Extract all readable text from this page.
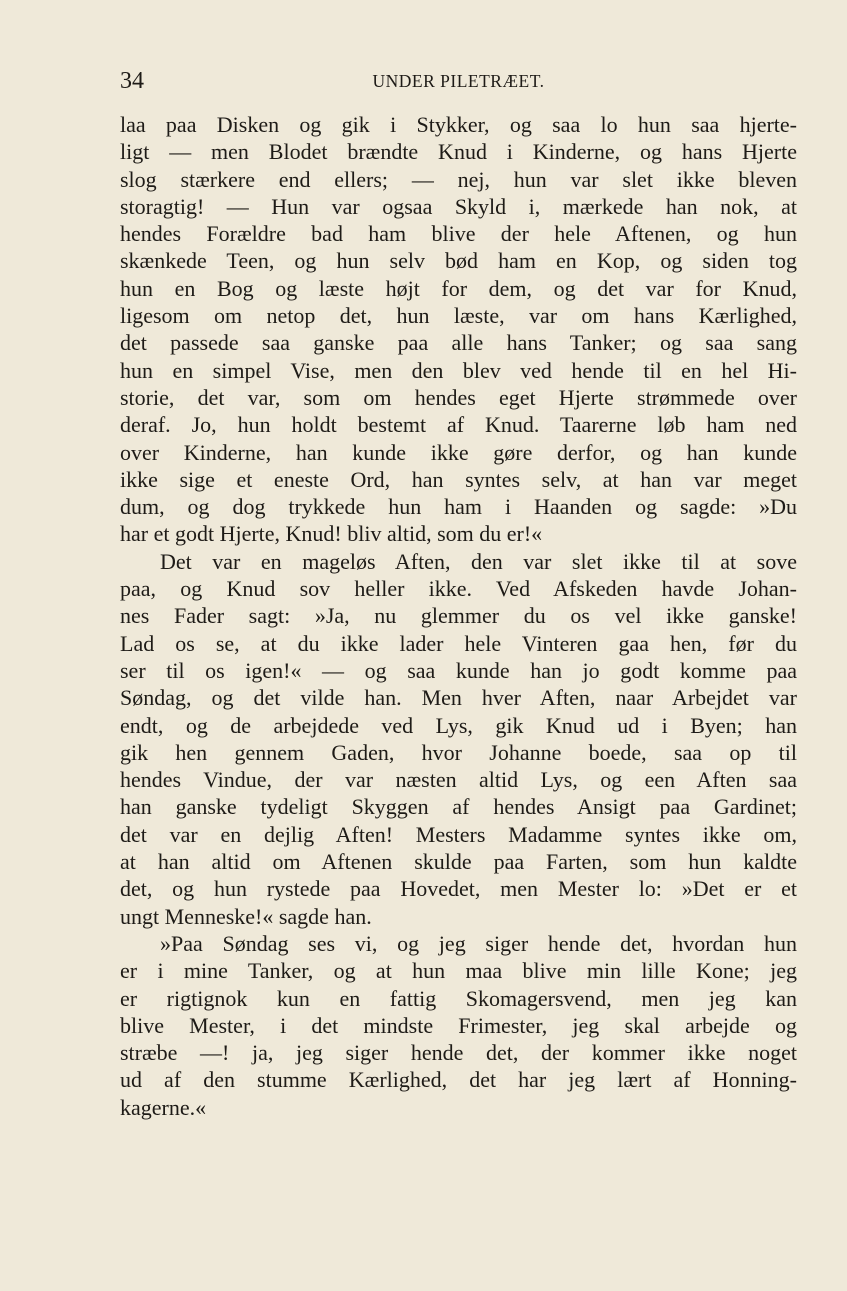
34	UNDER PILETRÆET.
laa paa Disken og gik i Stykker, og saa lo hun saa hjerte-
ligt — men Blodet brændte Knud i Kinderne, og hans Hjerte
slog stærkere end ellers; — nej, hun var slet ikke bleven
storagtig! — Hun var ogsaa Skyld i, mærkede han nok, at
hendes Forældre bad ham blive der hele Aftenen, og hun
skænkede Teen, og hun selv bød ham en Kop, og siden tog
hun en Bog og læste højt for dem, og det var for Knud,
ligesom om netop det, hun læste, var om hans Kærlighed,
det passede saa ganske paa alle hans Tanker; og saa sang
hun en simpel Vise, men den blev ved hende til en hel Hi-
storie, det var, som om hendes eget Hjerte strømmede over
deraf. Jo, hun holdt bestemt af Knud. Taarerne løb ham ned
over Kinderne, han kunde ikke gøre derfor, og han kunde
ikke sige et eneste Ord, han syntes selv, at han var meget
dum, og dog trykkede hun ham i Haanden og sagde: »Du
har et godt Hjerte, Knud! bliv altid, som du er!«
Det var en mageløs Aften, den var slet ikke til at sove
paa, og Knud sov heller ikke. Ved Afskeden havde Johan-
nes Fader sagt: »Ja, nu glemmer du os vel ikke ganske!
Lad os se, at du ikke lader hele Vinteren gaa hen, før du
ser til os igen!« — og saa kunde han jo godt komme paa
Søndag, og det vilde han. Men hver Aften, naar Arbejdet var
endt, og de arbejdede ved Lys, gik Knud ud i Byen; han
gik hen gennem Gaden, hvor Johanne boede, saa op til
hendes Vindue, der var næsten altid Lys, og een Aften saa
han ganske tydeligt Skyggen af hendes Ansigt paa Gardinet;
det var en dejlig Aften! Mesters Madamme syntes ikke om,
at han altid om Aftenen skulde paa Farten, som hun kaldte
det, og hun rystede paa Hovedet, men Mester lo: »Det er et
ungt Menneske!« sagde han.
»Paa Søndag ses vi, og jeg siger hende det, hvordan hun
er i mine Tanker, og at hun maa blive min lille Kone; jeg
er rigtignok kun en fattig Skomagersvend, men jeg kan
blive Mester, i det mindste Frimester, jeg skal arbejde og
stræbe —! ja, jeg siger hende det, der kommer ikke noget
ud af den stumme Kærlighed, det har jeg lært af Honning-
kagerne.«
